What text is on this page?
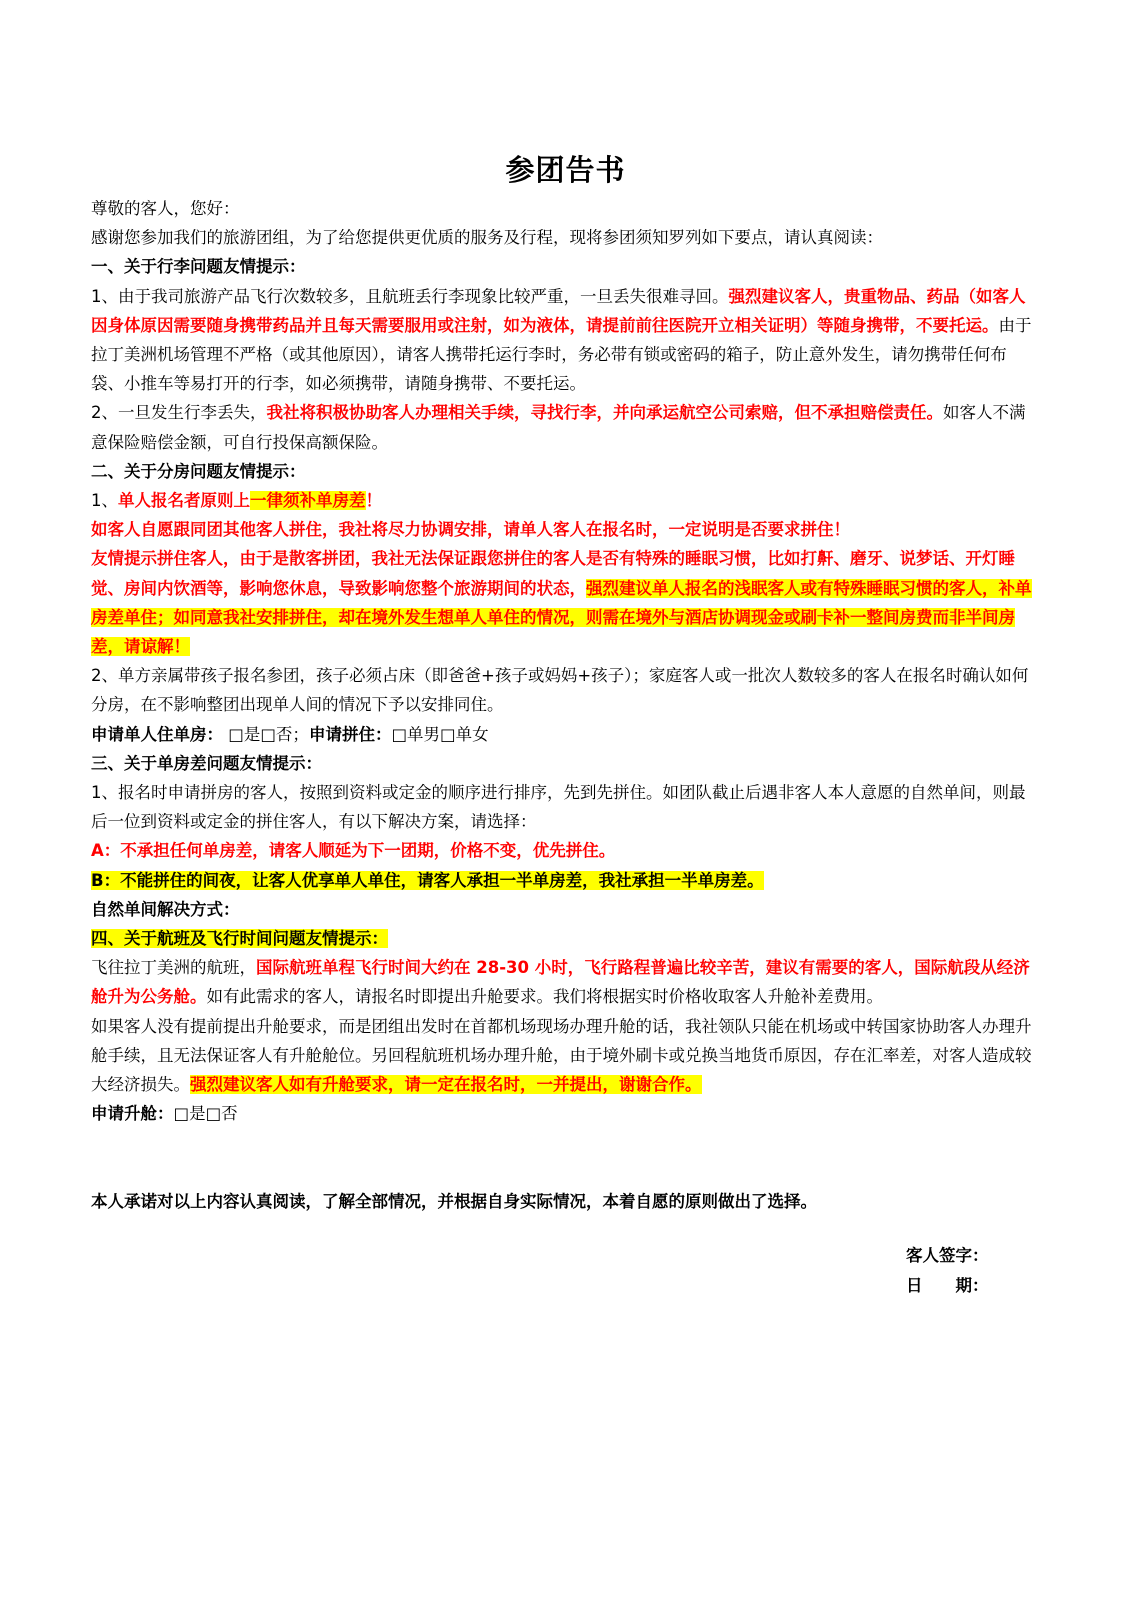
参团告书

尊敬的客人，您好：

感谢您参加我们的旅游团组，为了给您提供更优质的服务及行程，现将参团须知罗列如下要点，请认真阅读：

一、关于行李问题友情提示：

1、由于我司旅游产品飞行次数较多，且航班丢行李现象比较严重，一旦丢失很难寻回。强烈建议客人，贵重物品、药品（如客人因身体原因需要随身携带药品并且每天需要服用或注射，如为液体，请提前前往医院开立相关证明）等随身携带，不要托运。由于拉丁美洲机场管理不严格（或其他原因），请客人携带托运行李时，务必带有锁或密码的箱子，防止意外发生，请勿携带任何布袋、小推车等易打开的行李，如必须携带，请随身携带、不要托运。

2、一旦发生行李丢失，我社将积极协助客人办理相关手续，寻找行李，并向承运航空公司索赔，但不承担赔偿责任。如客人不满意保险赔偿金额，可自行投保高额保险。

二、关于分房问题友情提示：

1、单人报名者原则上一律须补单房差！

如客人自愿跟同团其他客人拼住，我社将尽力协调安排，请单人客人在报名时，一定说明是否要求拼住！

友情提示拼住客人，由于是散客拼团，我社无法保证跟您拼住的客人是否有特殊的睡眠习惯，比如打鼾、磨牙、说梦话、开灯睡觉、房间内饮酒等，影响您休息，导致影响您整个旅游期间的状态，强烈建议单人报名的浅眠客人或有特殊睡眠习惯的客人，补单房差单住；如同意我社安排拼住，却在境外发生想单人单住的情况，则需在境外与酒店协调现金或刷卡补一整间房费而非半间房差，请谅解！

2、单方亲属带孩子报名参团，孩子必须占床（即爸爸+孩子或妈妈+孩子）；家庭客人或一批次人数较多的客人在报名时确认如何分房，在不影响整团出现单人间的情况下予以安排同住。

申请单人住单房： □是□否；申请拼住：□单男□单女

三、关于单房差问题友情提示：

1、报名时申请拼房的客人，按照到资料或定金的顺序进行排序，先到先拼住。如团队截止后遇非客人本人意愿的自然单间，则最后一位到资料或定金的拼住客人，有以下解决方案，请选择：

A：不承担任何单房差，请客人顺延为下一团期，价格不变，优先拼住。

B：不能拼住的间夜，让客人优享单人单住，请客人承担一半单房差，我社承担一半单房差。

自然单间解决方式：

四、关于航班及飞行时间问题友情提示：

飞往拉丁美洲的航班，国际航班单程飞行时间大约在 28-30 小时，飞行路程普遍比较辛苦，建议有需要的客人，国际航段从经济舱升为公务舱。如有此需求的客人，请报名时即提出升舱要求。我们将根据实时价格收取客人升舱补差费用。

如果客人没有提前提出升舱要求，而是团组出发时在首都机场现场办理升舱的话，我社领队只能在机场或中转国家协助客人办理升舱手续，且无法保证客人有升舱舱位。另回程航班机场办理升舱，由于境外刷卡或兑换当地货币原因，存在汇率差，对客人造成较大经济损失。强烈建议客人如有升舱要求，请一定在报名时，一并提出，谢谢合作。

申请升舱：□是□否

本人承诺对以上内容认真阅读，了解全部情况，并根据自身实际情况，本着自愿的原则做出了选择。

客人签字：

日　　期：
